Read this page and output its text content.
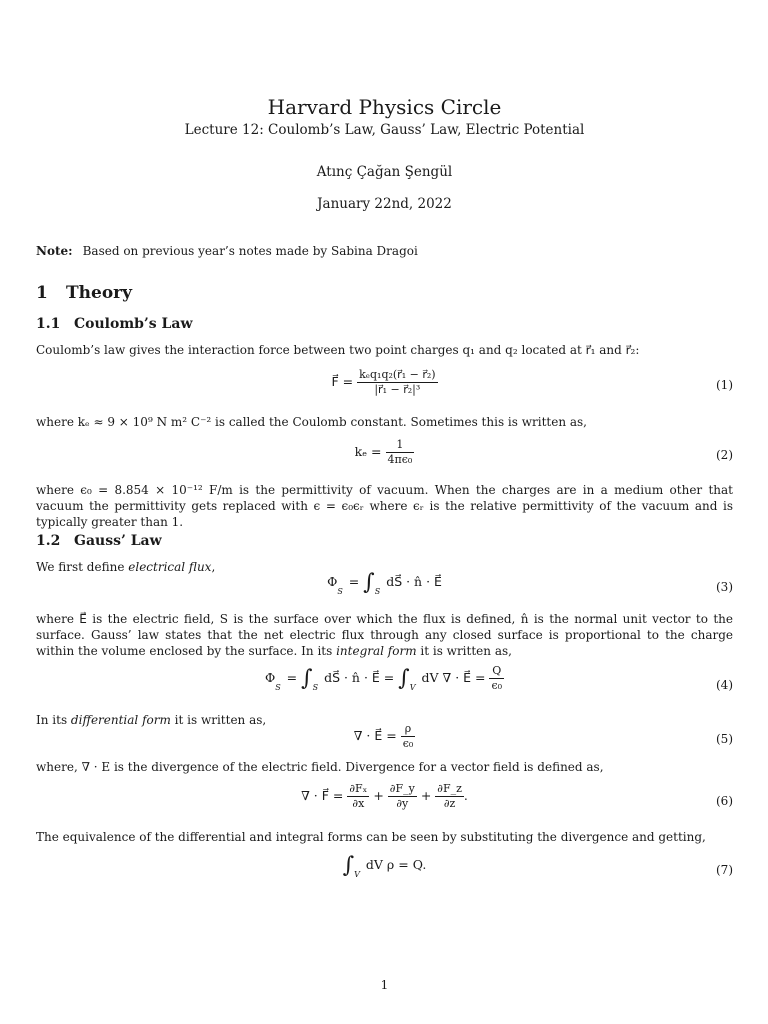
Harvard Physics Circle
Lecture 12: Coulomb’s Law, Gauss’ Law, Electric Potential
Atınç Çağan Şengül
January 22nd, 2022
Note: Based on previous year’s notes made by Sabina Dragoi
1 Theory
1.1 Coulomb’s Law
Coulomb’s law gives the interaction force between two point charges q₁ and q₂ located at r⃗₁ and r⃗₂:
F⃗ = $\frac{\text{kₑq₁q₂(r⃗₁ − r⃗₂)}}{\text{|r⃗₁ − r⃗₂|³}}$	(1)
where kₑ ≈ 9 × 10⁹ N m² C⁻² is called the Coulomb constant. Sometimes this is written as,
$k_e = \frac{1}{\text{4πϵ₀}}$	(2)
where ϵ₀ = 8.854 × 10⁻¹² F/m is the permittivity of vacuum. When the charges are in a medium other that vacuum the permittivity gets replaced with ϵ = ϵ₀ϵᵣ where ϵᵣ is the relative permittivity of the vacuum and is typically greater than 1.
1.2 Gauss’ Law
We first define electrical flux,
$\Phi_S = \int_S$ dS⃗ · n̂ · E⃗	(3)
where E⃗ is the electric field, S is the surface over which the flux is defined, n̂ is the normal unit vector to the surface. Gauss’ law states that the net electric flux through any closed surface is proportional to the charge within the volume enclosed by the surface. In its integral form it is written as,
$\Phi_S = \int_S$ dS⃗ · n̂ · E⃗ = $\int_V$ dV ∇ · E⃗ = $\frac{Q}{\text{ϵ₀}}$	(4)
In its differential form it is written as,
∇ · E⃗ = $\frac{\rho}{\text{ϵ₀}}$	(5)
where, ∇ · E is the divergence of the electric field. Divergence for a vector field is defined as,
∇ · F⃗ = $\frac{\text{∂Fₓ}}{\partial x} + \frac{\partial F\_y}{\partial y} + \frac{\partial F\_z}{\partial z}$ .	(6)
The equivalence of the differential and integral forms can be seen by substituting the divergence and getting,
$\int_V$ dV ρ = Q.	(7)
1
